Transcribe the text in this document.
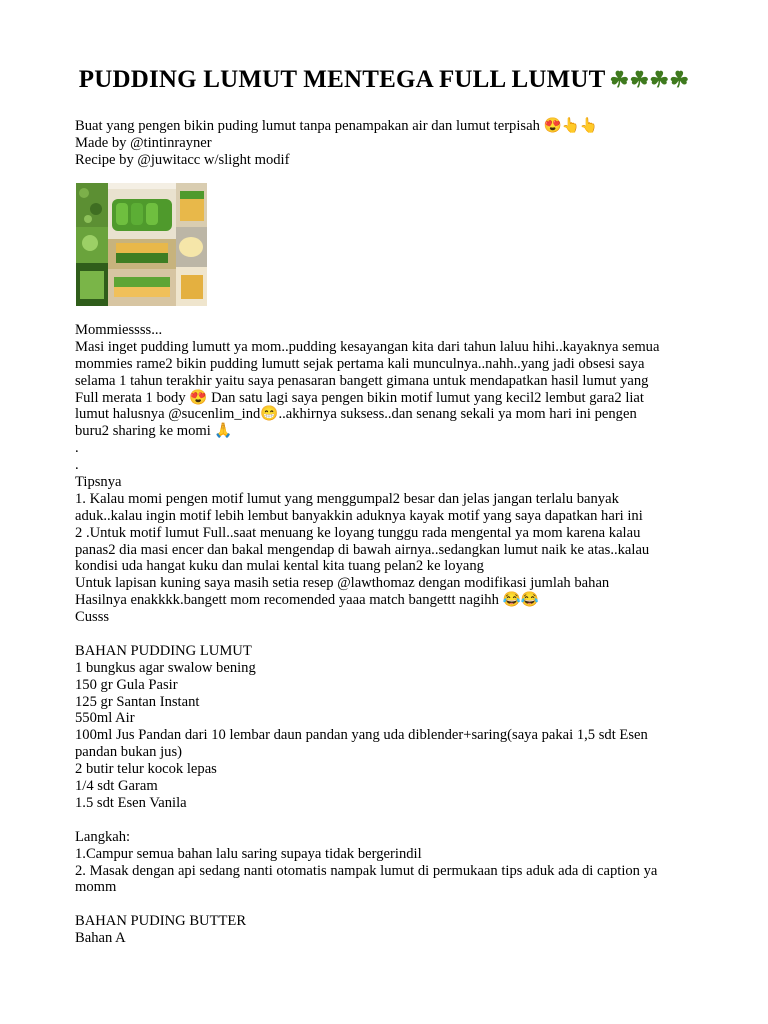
PUDDING LUMUT MENTEGA FULL LUMUT ☘☘☘☘
Buat yang pengen bikin puding lumut tanpa penampakan air dan lumut terpisah 😍👆👆
Made by @tintinrayner
Recipe by @juwitacc w/slight modif
Mommiessss...
Masi inget pudding lumutt ya mom..pudding kesayangan kita dari tahun laluu hihi..kayaknya semua
mommies rame2 bikin pudding lumutt sejak pertama kali munculnya..nahh..yang jadi obsesi saya
selama 1 tahun terakhir yaitu saya penasaran bangett gimana untuk mendapatkan hasil lumut yang
Full merata 1 body 😍 Dan satu lagi saya pengen bikin motif lumut yang kecil2 lembut gara2 liat
lumut halusnya @sucenlim_ind😁..akhirnya suksess..dan senang sekali ya mom hari ini pengen
buru2 sharing ke momi 🙏
.
.
Tipsnya
1. Kalau momi pengen motif lumut yang menggumpal2 besar dan jelas jangan terlalu banyak
aduk..kalau ingin motif lebih lembut banyakkin aduknya kayak motif yang saya dapatkan hari ini
2 .Untuk motif lumut Full..saat menuang ke loyang tunggu rada mengental ya mom karena kalau
panas2 dia masi encer dan bakal mengendap di bawah airnya..sedangkan lumut naik ke atas..kalau
kondisi uda hangat kuku dan mulai kental kita tuang pelan2 ke loyang
Untuk lapisan kuning saya masih setia resep @lawthomaz dengan modifikasi jumlah bahan
Hasilnya enakkkk.bangett mom recomended yaaa match bangettt nagihh 😂😂
Cusss
BAHAN PUDDING LUMUT
1 bungkus agar swalow bening
150 gr Gula Pasir
125 gr Santan Instant
550ml Air
100ml Jus Pandan dari 10 lembar daun pandan yang uda diblender+saring(saya pakai 1,5 sdt Esen
pandan bukan jus)
2 butir telur kocok lepas
1/4 sdt Garam
1.5 sdt Esen Vanila
Langkah:
1.Campur semua bahan lalu saring supaya tidak bergerindil
2. Masak dengan api sedang nanti otomatis nampak lumut di permukaan tips aduk ada di caption ya
momm
BAHAN PUDING BUTTER
Bahan A
